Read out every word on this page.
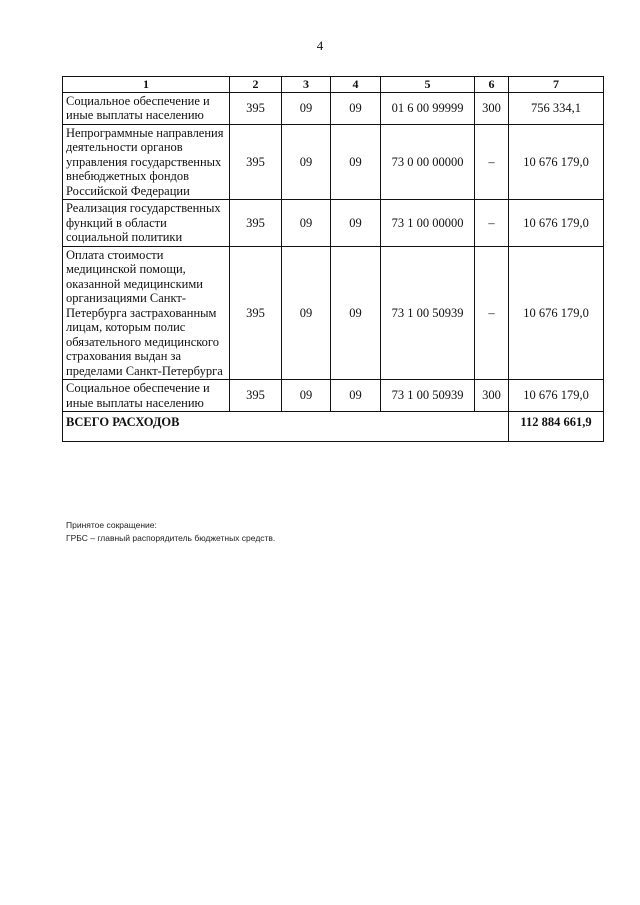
4
1	2	3	4	5	6	7
Социальное обеспечение и иные выплаты населению	395	09	09	01 6 00 99999	300	756 334,1
Непрограммные направления деятельности органов управления государственных внебюджетных фондов Российской Федерации	395	09	09	73 0 00 00000	–	10 676 179,0
Реализация государственных функций в области социальной политики	395	09	09	73 1 00 00000	–	10 676 179,0
Оплата стоимости медицинской помощи, оказанной медицинскими организациями Санкт-Петербурга застрахованным лицам, которым полис обязательного медицинского страхования выдан за пределами Санкт-Петербурга	395	09	09	73 1 00 50939	–	10 676 179,0
Социальное обеспечение и иные выплаты населению	395	09	09	73 1 00 50939	300	10 676 179,0
ВСЕГО РАСХОДОВ						112 884 661,9
Принятое сокращение:
ГРБС – главный распорядитель бюджетных средств.
